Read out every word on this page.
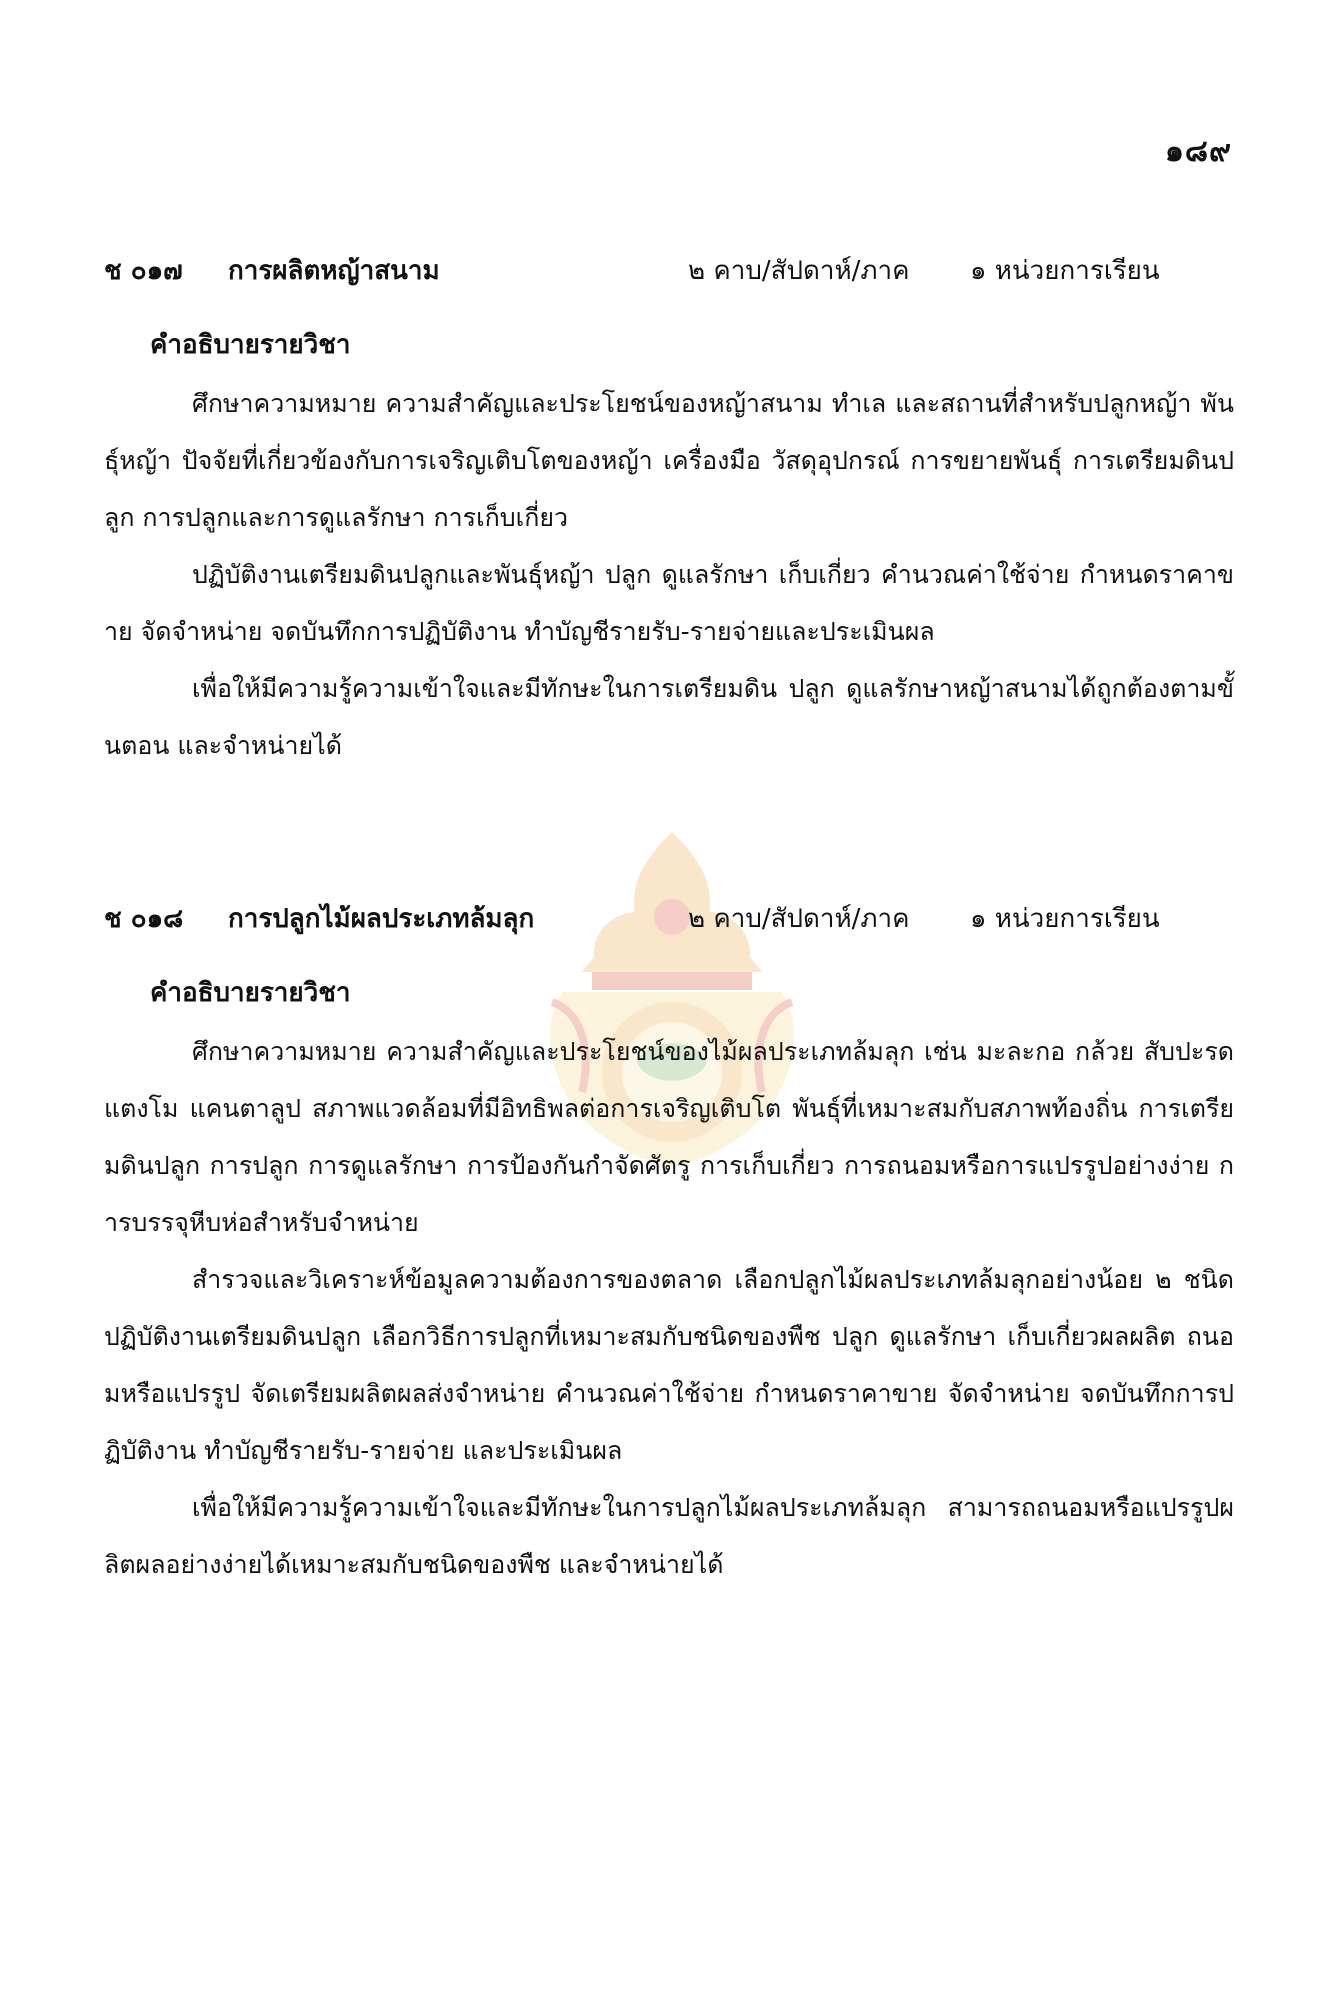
๑๘๙
ช ๐๑๗	การผลิตหญ้าสนาม	๒ คาบ/สัปดาห์/ภาค	๑ หน่วยการเรียน
คำอธิบายรายวิชา

ศึกษาความหมาย ความสำคัญและประโยชน์ของหญ้าสนาม ทำเล และสถานที่สำหรับปลูกหญ้า พันธุ์หญ้า ปัจจัยที่เกี่ยวข้องกับการเจริญเติบโตของหญ้า เครื่องมือ วัสดุอุปกรณ์ การขยายพันธุ์ การเตรียมดินปลูก การปลูกและการดูแลรักษา การเก็บเกี่ยว

ปฏิบัติงานเตรียมดินปลูกและพันธุ์หญ้า ปลูก ดูแลรักษา เก็บเกี่ยว คำนวณค่าใช้จ่าย กำหนดราคาขาย จัดจำหน่าย จดบันทึกการปฏิบัติงาน ทำบัญชีรายรับ-รายจ่ายและประเมินผล

เพื่อให้มีความรู้ความเข้าใจและมีทักษะในการเตรียมดิน ปลูก ดูแลรักษาหญ้าสนามได้ถูกต้องตามขั้นตอน และจำหน่ายได้

ช ๐๑๘	การปลูกไม้ผลประเภทล้มลุก	๒ คาบ/สัปดาห์/ภาค	๑ หน่วยการเรียน
คำอธิบายรายวิชา

ศึกษาความหมาย ความสำคัญและประโยชน์ของไม้ผลประเภทล้มลุก เช่น มะละกอ กล้วย สับปะรด แตงโม แคนตาลูป สภาพแวดล้อมที่มีอิทธิพลต่อการเจริญเติบโต พันธุ์ที่เหมาะสมกับสภาพท้องถิ่น การเตรียมดินปลูก การปลูก การดูแลรักษา การป้องกันกำจัดศัตรู การเก็บเกี่ยว การถนอมหรือการแปรรูปอย่างง่าย การบรรจุหีบห่อสำหรับจำหน่าย

สำรวจและวิเคราะห์ข้อมูลความต้องการของตลาด เลือกปลูกไม้ผลประเภทล้มลุกอย่างน้อย ๒ ชนิด ปฏิบัติงานเตรียมดินปลูก เลือกวิธีการปลูกที่เหมาะสมกับชนิดของพืช ปลูก ดูแลรักษา เก็บเกี่ยวผลผลิต ถนอมหรือแปรรูป จัดเตรียมผลิตผลส่งจำหน่าย คำนวณค่าใช้จ่าย กำหนดราคาขาย จัดจำหน่าย จดบันทึกการปฏิบัติงาน ทำบัญชีรายรับ-รายจ่าย และประเมินผล

เพื่อให้มีความรู้ความเข้าใจและมีทักษะในการปลูกไม้ผลประเภทล้มลุก สามารถถนอมหรือแปรรูปผลิตผลอย่างง่ายได้เหมาะสมกับชนิดของพืช และจำหน่ายได้
